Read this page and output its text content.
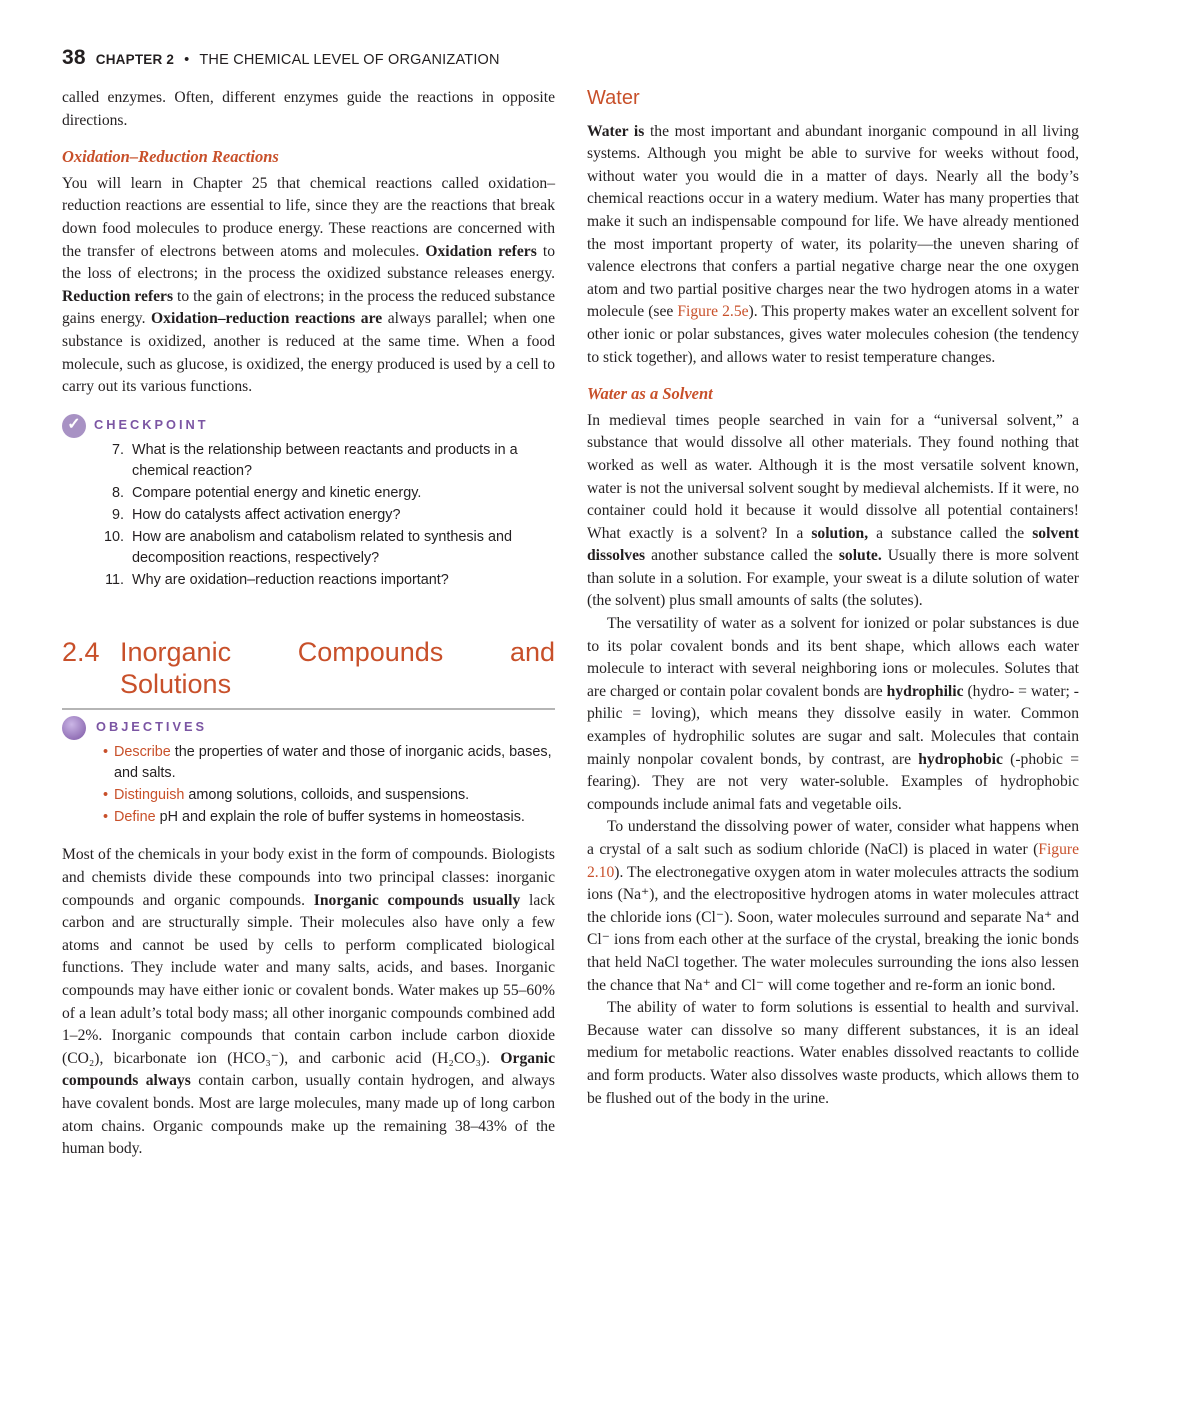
38 CHAPTER 2 • THE CHEMICAL LEVEL OF ORGANIZATION

called enzymes. Often, different enzymes guide the reactions in opposite directions.

Oxidation–Reduction Reactions

You will learn in Chapter 25 that chemical reactions called oxidation–reduction reactions are essential to life, since they are the reactions that break down food molecules to produce energy. These reactions are concerned with the transfer of electrons between atoms and molecules. Oxidation refers to the loss of electrons; in the process the oxidized substance releases energy. Reduction refers to the gain of electrons; in the process the reduced substance gains energy. Oxidation–reduction reactions are always parallel; when one substance is oxidized, another is reduced at the same time. When a food molecule, such as glucose, is oxidized, the energy produced is used by a cell to carry out its various functions.

✓	CHECKPOINT
7. What is the relationship between reactants and products in a chemical reaction?
8. Compare potential energy and kinetic energy.
9. How do catalysts affect activation energy?
10. How are anabolism and catabolism related to synthesis and decomposition reactions, respectively?
11. Why are oxidation–reduction reactions important?
2.4 Inorganic Compounds and Solutions
OBJECTIVES
• Describe the properties of water and those of inorganic acids, bases, and salts.
• Distinguish among solutions, colloids, and suspensions.
• Define pH and explain the role of buffer systems in homeostasis.

Most of the chemicals in your body exist in the form of compounds. Biologists and chemists divide these compounds into two principal classes: inorganic compounds and organic compounds. Inorganic compounds usually lack carbon and are structurally simple. Their molecules also have only a few atoms and cannot be used by cells to perform complicated biological functions. They include water and many salts, acids, and bases. Inorganic compounds may have either ionic or covalent bonds. Water makes up 55–60% of a lean adult’s total body mass; all other inorganic compounds combined add 1–2%. Inorganic compounds that contain carbon include carbon dioxide (CO₂), bicarbonate ion (HCO₃⁻), and carbonic acid (H₂CO₃). Organic compounds always contain carbon, usually contain hydrogen, and always have covalent bonds. Most are large molecules, many made up of long carbon atom chains. Organic compounds make up the remaining 38–43% of the human body.

Water

Water is the most important and abundant inorganic compound in all living systems. Although you might be able to survive for weeks without food, without water you would die in a matter of days. Nearly all the body’s chemical reactions occur in a watery medium. Water has many properties that make it such an indispensable compound for life. We have already mentioned the most important property of water, its polarity—the uneven sharing of valence electrons that confers a partial negative charge near the one oxygen atom and two partial positive charges near the two hydrogen atoms in a water molecule (see Figure 2.5e). This property makes water an excellent solvent for other ionic or polar substances, gives water molecules cohesion (the tendency to stick together), and allows water to resist temperature changes.

Water as a Solvent

In medieval times people searched in vain for a “universal solvent,” a substance that would dissolve all other materials. They found nothing that worked as well as water. Although it is the most versatile solvent known, water is not the universal solvent sought by medieval alchemists. If it were, no container could hold it because it would dissolve all potential containers! What exactly is a solvent? In a solution, a substance called the solvent dissolves another substance called the solute. Usually there is more solvent than solute in a solution. For example, your sweat is a dilute solution of water (the solvent) plus small amounts of salts (the solutes).

The versatility of water as a solvent for ionized or polar substances is due to its polar covalent bonds and its bent shape, which allows each water molecule to interact with several neighboring ions or molecules. Solutes that are charged or contain polar covalent bonds are hydrophilic (hydro- = water; -philic = loving), which means they dissolve easily in water. Common examples of hydrophilic solutes are sugar and salt. Molecules that contain mainly nonpolar covalent bonds, by contrast, are hydrophobic (-phobic = fearing). They are not very water-soluble. Examples of hydrophobic compounds include animal fats and vegetable oils.

To understand the dissolving power of water, consider what happens when a crystal of a salt such as sodium chloride (NaCl) is placed in water (Figure 2.10). The electronegative oxygen atom in water molecules attracts the sodium ions (Na⁺), and the electropositive hydrogen atoms in water molecules attract the chloride ions (Cl⁻). Soon, water molecules surround and separate Na⁺ and Cl⁻ ions from each other at the surface of the crystal, breaking the ionic bonds that held NaCl together. The water molecules surrounding the ions also lessen the chance that Na⁺ and Cl⁻ will come together and re-form an ionic bond.

The ability of water to form solutions is essential to health and survival. Because water can dissolve so many different substances, it is an ideal medium for metabolic reactions. Water enables dissolved reactants to collide and form products. Water also dissolves waste products, which allows them to be flushed out of the body in the urine.
